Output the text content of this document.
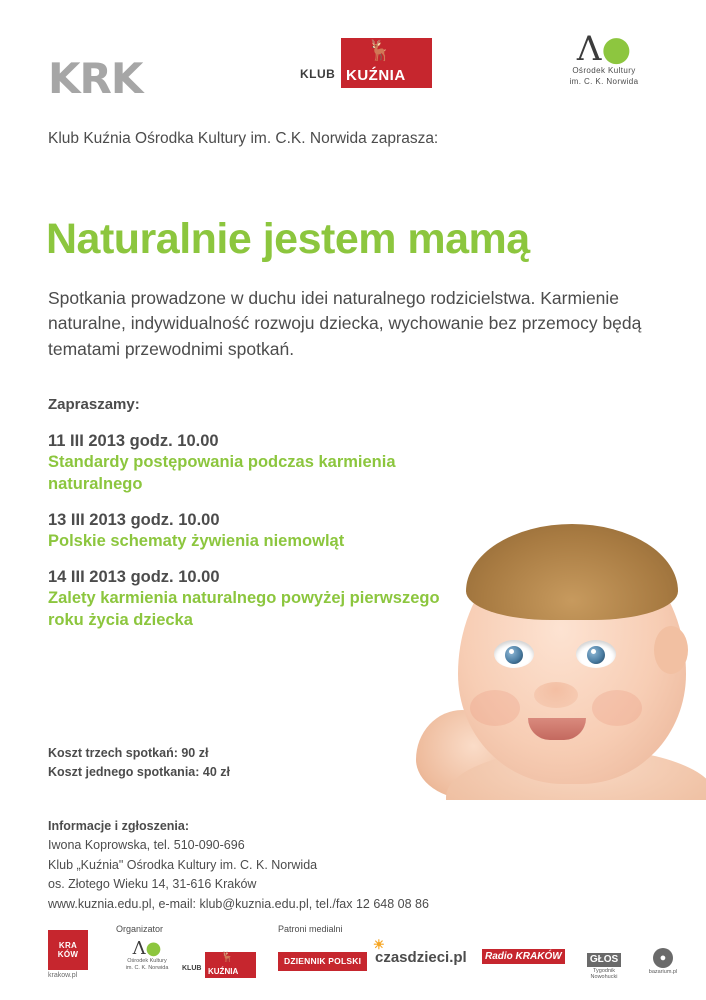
KRK	KLUB
🦌
KUŹNIA
Λ●
Ośrodek Kultury
im. C. K. Norwida
Klub Kuźnia Ośrodka Kultury im. C.K. Norwida zaprasza:
Naturalnie jestem mamą

Spotkania prowadzone w duchu idei naturalnego rodzicielstwa. Karmienie naturalne, indywidualność rozwoju dziecka, wychowanie bez przemocy będą tematami przewodnimi spotkań.

Zapraszamy:
11 III 2013 godz. 10.00
Standardy postępowania podczas karmienia naturalnego
13 III 2013 godz. 10.00
Polskie schematy żywienia niemowląt
14 III 2013 godz. 10.00
Zalety karmienia naturalnego powyżej pierwszego roku życia dziecka
Koszt trzech spotkań: 90 zł
Koszt jednego spotkania: 40 zł
Informacje i zgłoszenia:
Iwona Koprowska, tel. 510-090-696
Klub „Kuźnia" Ośrodka Kultury im. C. K. Norwida
os. Złotego Wieku 14, 31-616 Kraków
www.kuznia.edu.pl, e-mail: klub@kuznia.edu.pl, tel./fax 12 648 08 86
KRA KÓW
krakow.pl
Organizator
Λ●
Ośrodek Kultury
im. C. K. Norwida	KLUB
🦌
KUŹNIA
Patroni medialni
DZIENNIK POLSKI
☀
czasdzieci.pl	Radio KRAKÓW	GŁOS
Tygodnik Nowohucki
●
bazarium.pl
